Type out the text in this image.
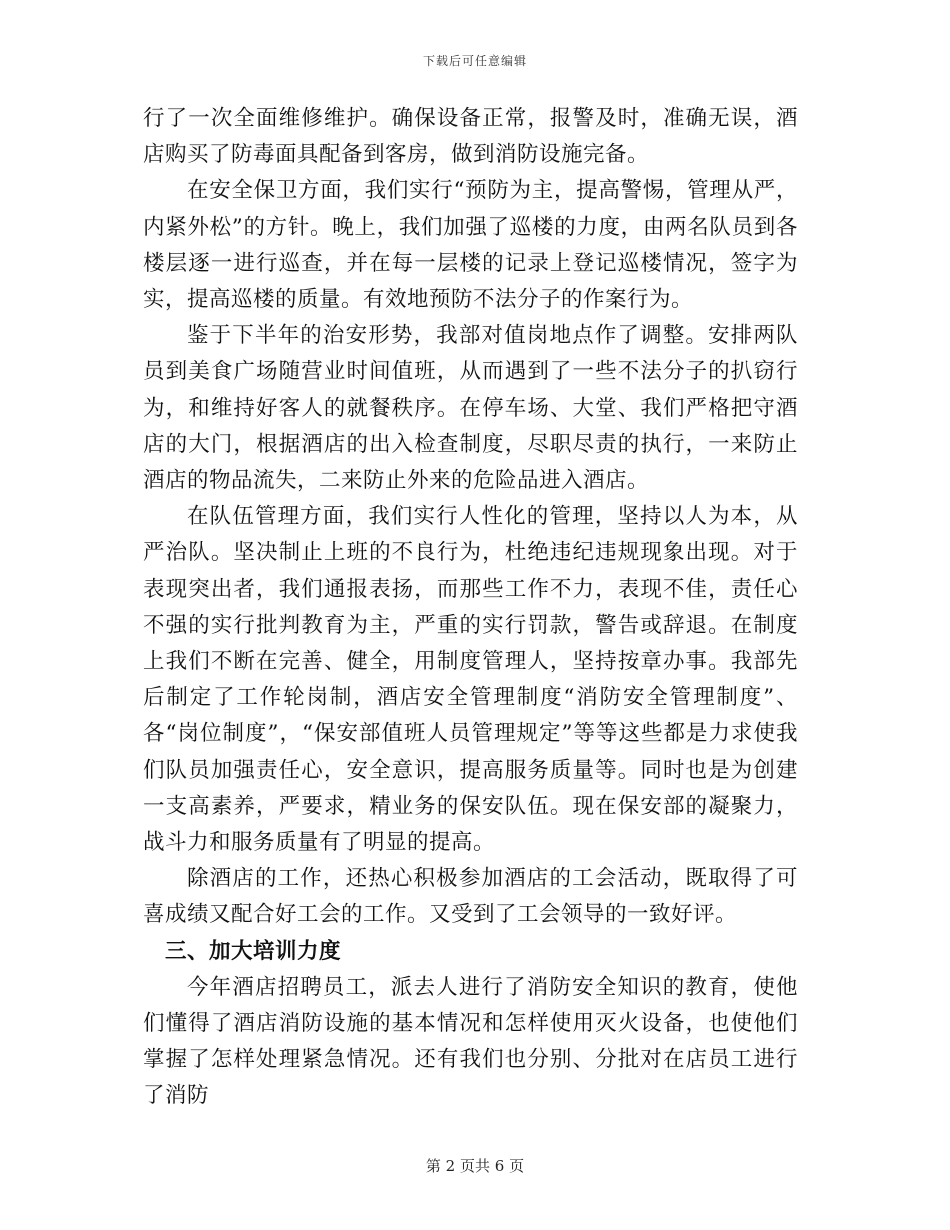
下载后可任意编辑

行了一次全面维修维护。确保设备正常，报警及时，准确无误，酒店购买了防毒面具配备到客房，做到消防设施完备。

在安全保卫方面，我们实行“预防为主，提高警惕，管理从严，内紧外松”的方针。晚上，我们加强了巡楼的力度，由两名队员到各楼层逐一进行巡查，并在每一层楼的记录上登记巡楼情况，签字为实，提高巡楼的质量。有效地预防不法分子的作案行为。

鉴于下半年的治安形势，我部对值岗地点作了调整。安排两队员到美食广场随营业时间值班，从而遇到了一些不法分子的扒窃行为，和维持好客人的就餐秩序。在停车场、大堂、我们严格把守酒店的大门，根据酒店的出入检查制度，尽职尽责的执行，一来防止酒店的物品流失，二来防止外来的危险品进入酒店。

在队伍管理方面，我们实行人性化的管理，坚持以人为本，从严治队。坚决制止上班的不良行为，杜绝违纪违规现象出现。对于表现突出者，我们通报表扬，而那些工作不力，表现不佳，责任心不强的实行批判教育为主，严重的实行罚款，警告或辞退。在制度上我们不断在完善、健全，用制度管理人，坚持按章办事。我部先后制定了工作轮岗制，酒店安全管理制度“消防安全管理制度”、各“岗位制度”，“保安部值班人员管理规定”等等这些都是力求使我们队员加强责任心，安全意识，提高服务质量等。同时也是为创建一支高素养，严要求，精业务的保安队伍。现在保安部的凝聚力，战斗力和服务质量有了明显的提高。

除酒店的工作，还热心积极参加酒店的工会活动，既取得了可喜成绩又配合好工会的工作。又受到了工会领导的一致好评。

三、加大培训力度

今年酒店招聘员工，派去人进行了消防安全知识的教育，使他们懂得了酒店消防设施的基本情况和怎样使用灭火设备，也使他们掌握了怎样处理紧急情况。还有我们也分别、分批对在店员工进行了消防

第 2 页共 6 页
